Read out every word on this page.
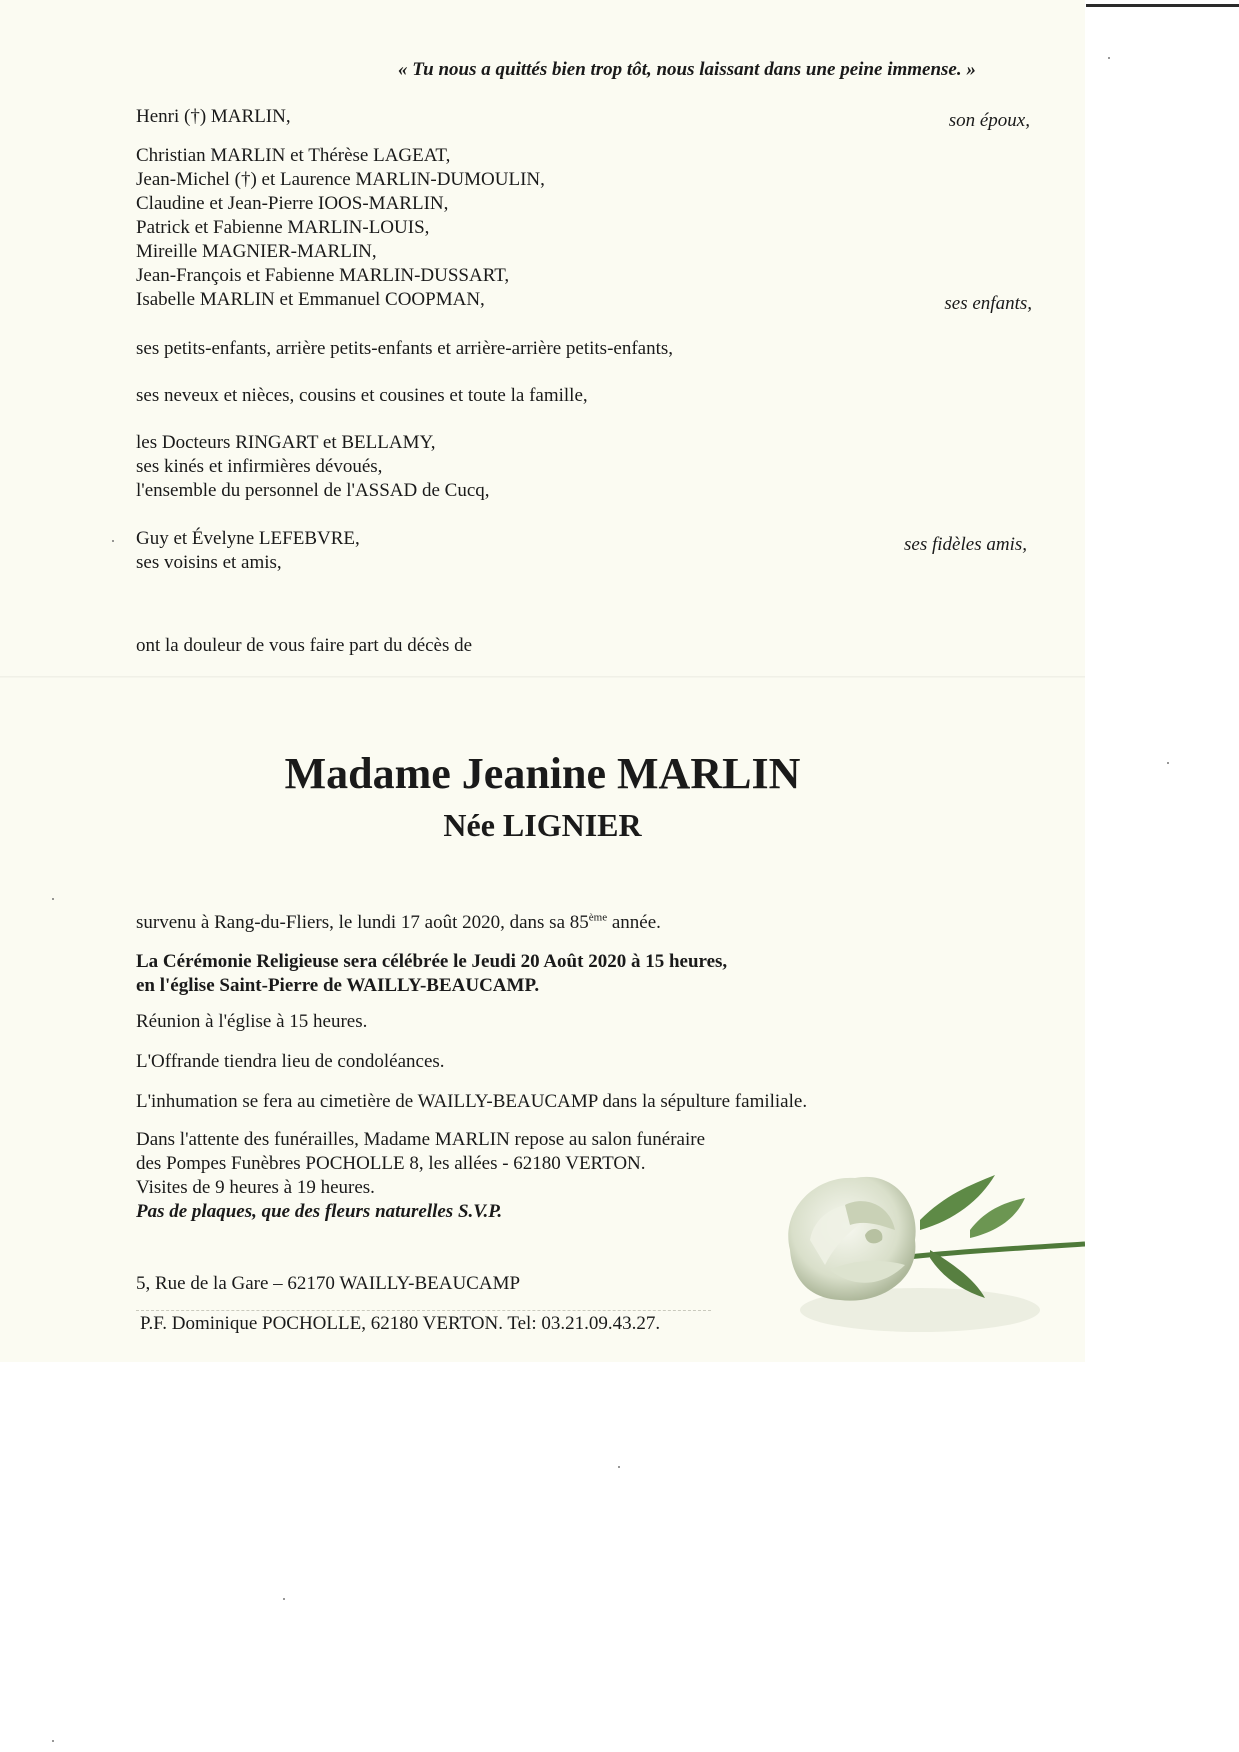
« Tu nous a quittés bien trop tôt, nous laissant dans une peine immense. »
Henri (†) MARLIN,	son époux,
Christian MARLIN et Thérèse LAGEAT,
Jean-Michel (†) et Laurence MARLIN-DUMOULIN,
Claudine et Jean-Pierre IOOS-MARLIN,
Patrick et Fabienne MARLIN-LOUIS,
Mireille MAGNIER-MARLIN,
Jean-François et Fabienne MARLIN-DUSSART,
Isabelle MARLIN et Emmanuel COOPMAN,	ses enfants,
ses petits-enfants, arrière petits-enfants et arrière-arrière petits-enfants,
ses neveux et nièces, cousins et cousines et toute la famille,
les Docteurs RINGART et BELLAMY,
ses kinés et infirmières dévoués,
l'ensemble du personnel de l'ASSAD de Cucq,
Guy et Évelyne LEFEBVRE,
ses voisins et amis,
ses fidèles amis,
ont la douleur de vous faire part du décès de
Madame Jeanine MARLIN
Née LIGNIER
survenu à Rang-du-Fliers, le lundi 17 août 2020, dans sa 85ème année.
La Cérémonie Religieuse sera célébrée le Jeudi 20 Août 2020 à 15 heures,
en l'église Saint-Pierre de WAILLY-BEAUCAMP.
Réunion à l'église à 15 heures.
L'Offrande tiendra lieu de condoléances.
L'inhumation se fera au cimetière de WAILLY-BEAUCAMP dans la sépulture familiale.
Dans l'attente des funérailles, Madame MARLIN repose au salon funéraire
des Pompes Funèbres POCHOLLE 8, les allées - 62180 VERTON.
Visites de 9 heures à 19 heures.
Pas de plaques, que des fleurs naturelles S.V.P.
5, Rue de la Gare – 62170 WAILLY-BEAUCAMP
P.F. Dominique POCHOLLE, 62180 VERTON. Tel: 03.21.09.43.27.
